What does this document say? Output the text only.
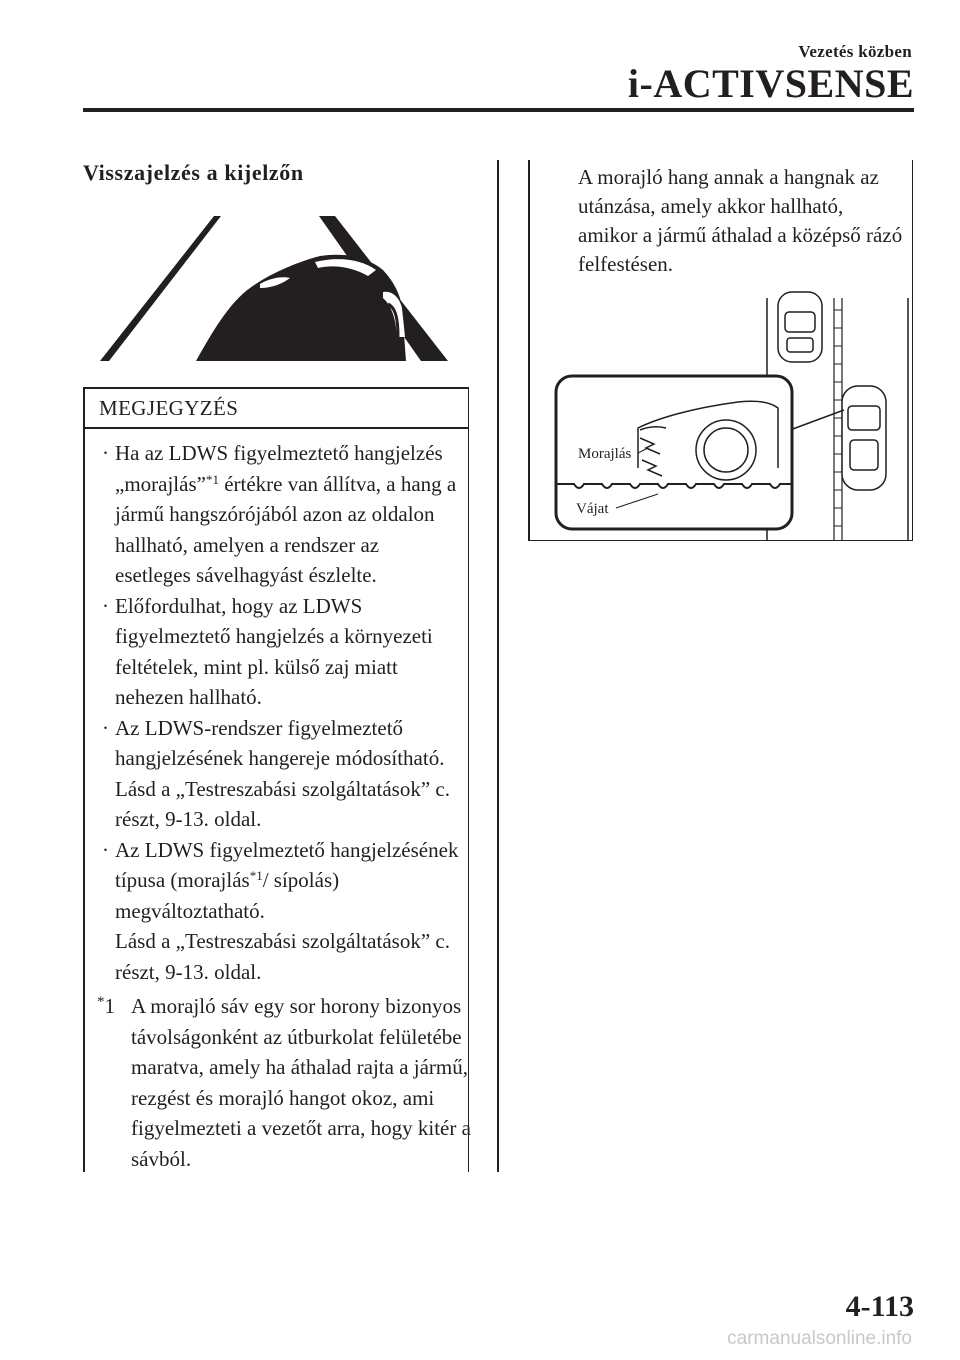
Vezetés közben
i-ACTIVSENSE
Visszajelzés a kijelzőn
MEGJEGYZÉS
· Ha az LDWS figyelmeztető hangjelzés „morajlás”$^{*1}$ értékre van állítva, a hang a jármű hangszórójából azon az oldalon hallható, amelyen a rendszer az esetleges sávelhagyást észlelte.

· Előfordulhat, hogy az LDWS figyelmeztető hangjelzés a környezeti feltételek, mint pl. külső zaj miatt nehezen hallható.

· Az LDWS-rendszer figyelmeztető hangjelzésének hangereje módosítható.

Lásd a „Testreszabási szolgáltatások” c. részt, 9-13. oldal.

· Az LDWS figyelmeztető hangjelzésének típusa (morajlás$^{*1}$/ sípolás) megváltoztatható.

Lásd a „Testreszabási szolgáltatások” c. részt, 9-13. oldal.

*1 A morajló sáv egy sor horony bizonyos távolságonként az útburkolat felületébe maratva, amely ha áthalad rajta a jármű, rezgést és morajló hangot okoz, ami figyelmezteti a vezetőt arra, hogy kitér a sávból.

A morajló hang annak a hangnak az utánzása, amely akkor hallható, amikor a jármű áthalad a középső rázó felfestésen.

Morajlás
Vájat
4-113
carmanualsonline.info
